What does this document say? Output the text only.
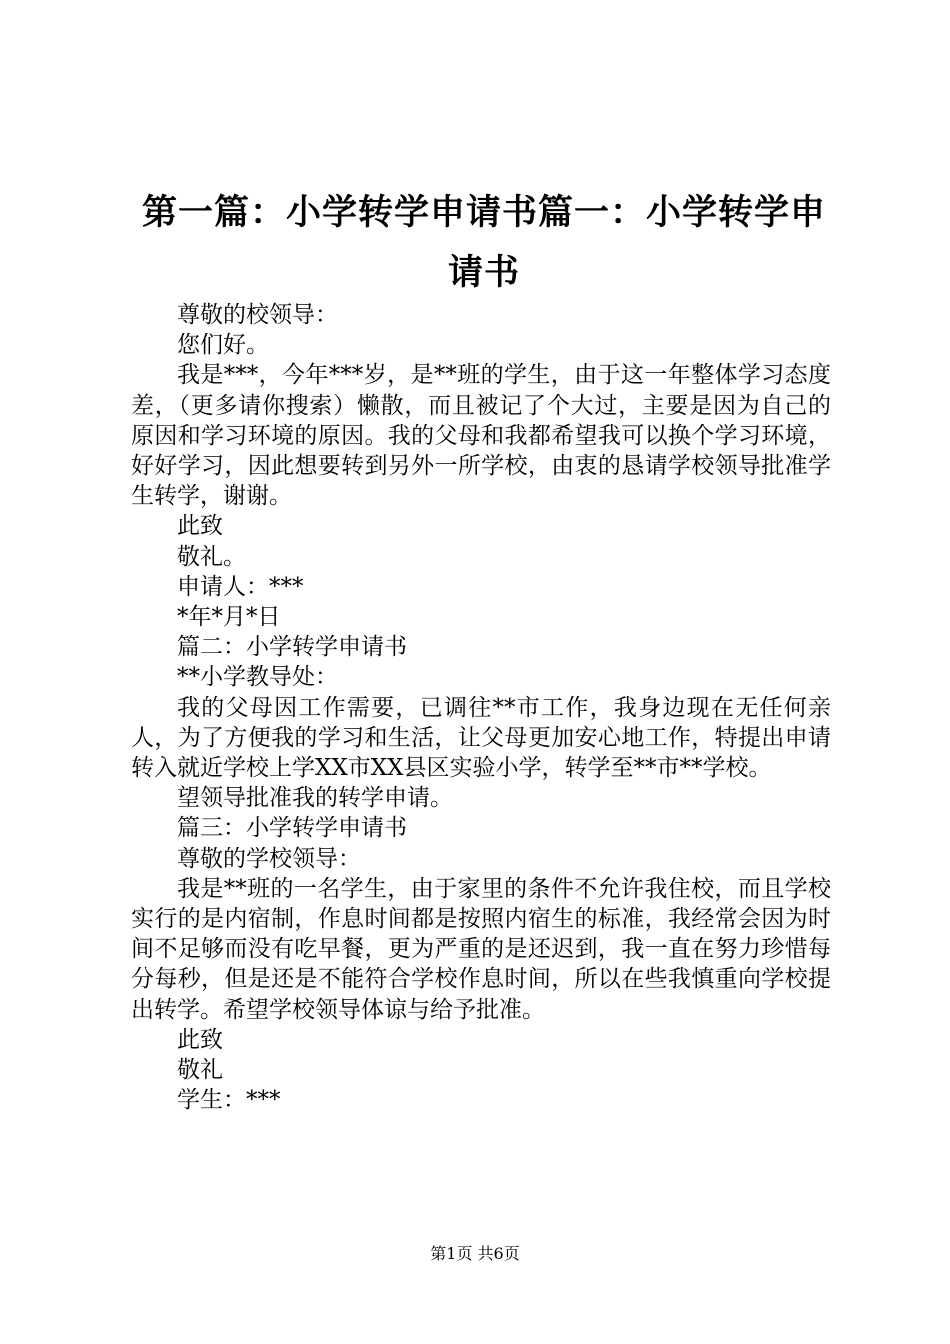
第一篇：小学转学申请书篇一：小学转学申请书

尊敬的校领导：

您们好。

我是***，今年***岁，是**班的学生，由于这一年整体学习态度差，（更多请你搜索）懒散，而且被记了个大过，主要是因为自己的原因和学习环境的原因。我的父母和我都希望我可以换个学习环境，好好学习，因此想要转到另外一所学校，由衷的恳请学校领导批准学生转学，谢谢。

此致

敬礼。

申请人：***

*年*月*日

篇二：小学转学申请书

**小学教导处：

我的父母因工作需要，已调往**市工作，我身边现在无任何亲人，为了方便我的学习和生活，让父母更加安心地工作，特提出申请转入就近学校上学XX市XX县区实验小学，转学至**市**学校。

望领导批准我的转学申请。

篇三：小学转学申请书

尊敬的学校领导：

我是**班的一名学生，由于家里的条件不允许我住校，而且学校实行的是内宿制，作息时间都是按照内宿生的标准，我经常会因为时间不足够而没有吃早餐，更为严重的是还迟到，我一直在努力珍惜每分每秒，但是还是不能符合学校作息时间，所以在些我慎重向学校提出转学。希望学校领导体谅与给予批准。

此致

敬礼

学生：***

第1页 共6页
